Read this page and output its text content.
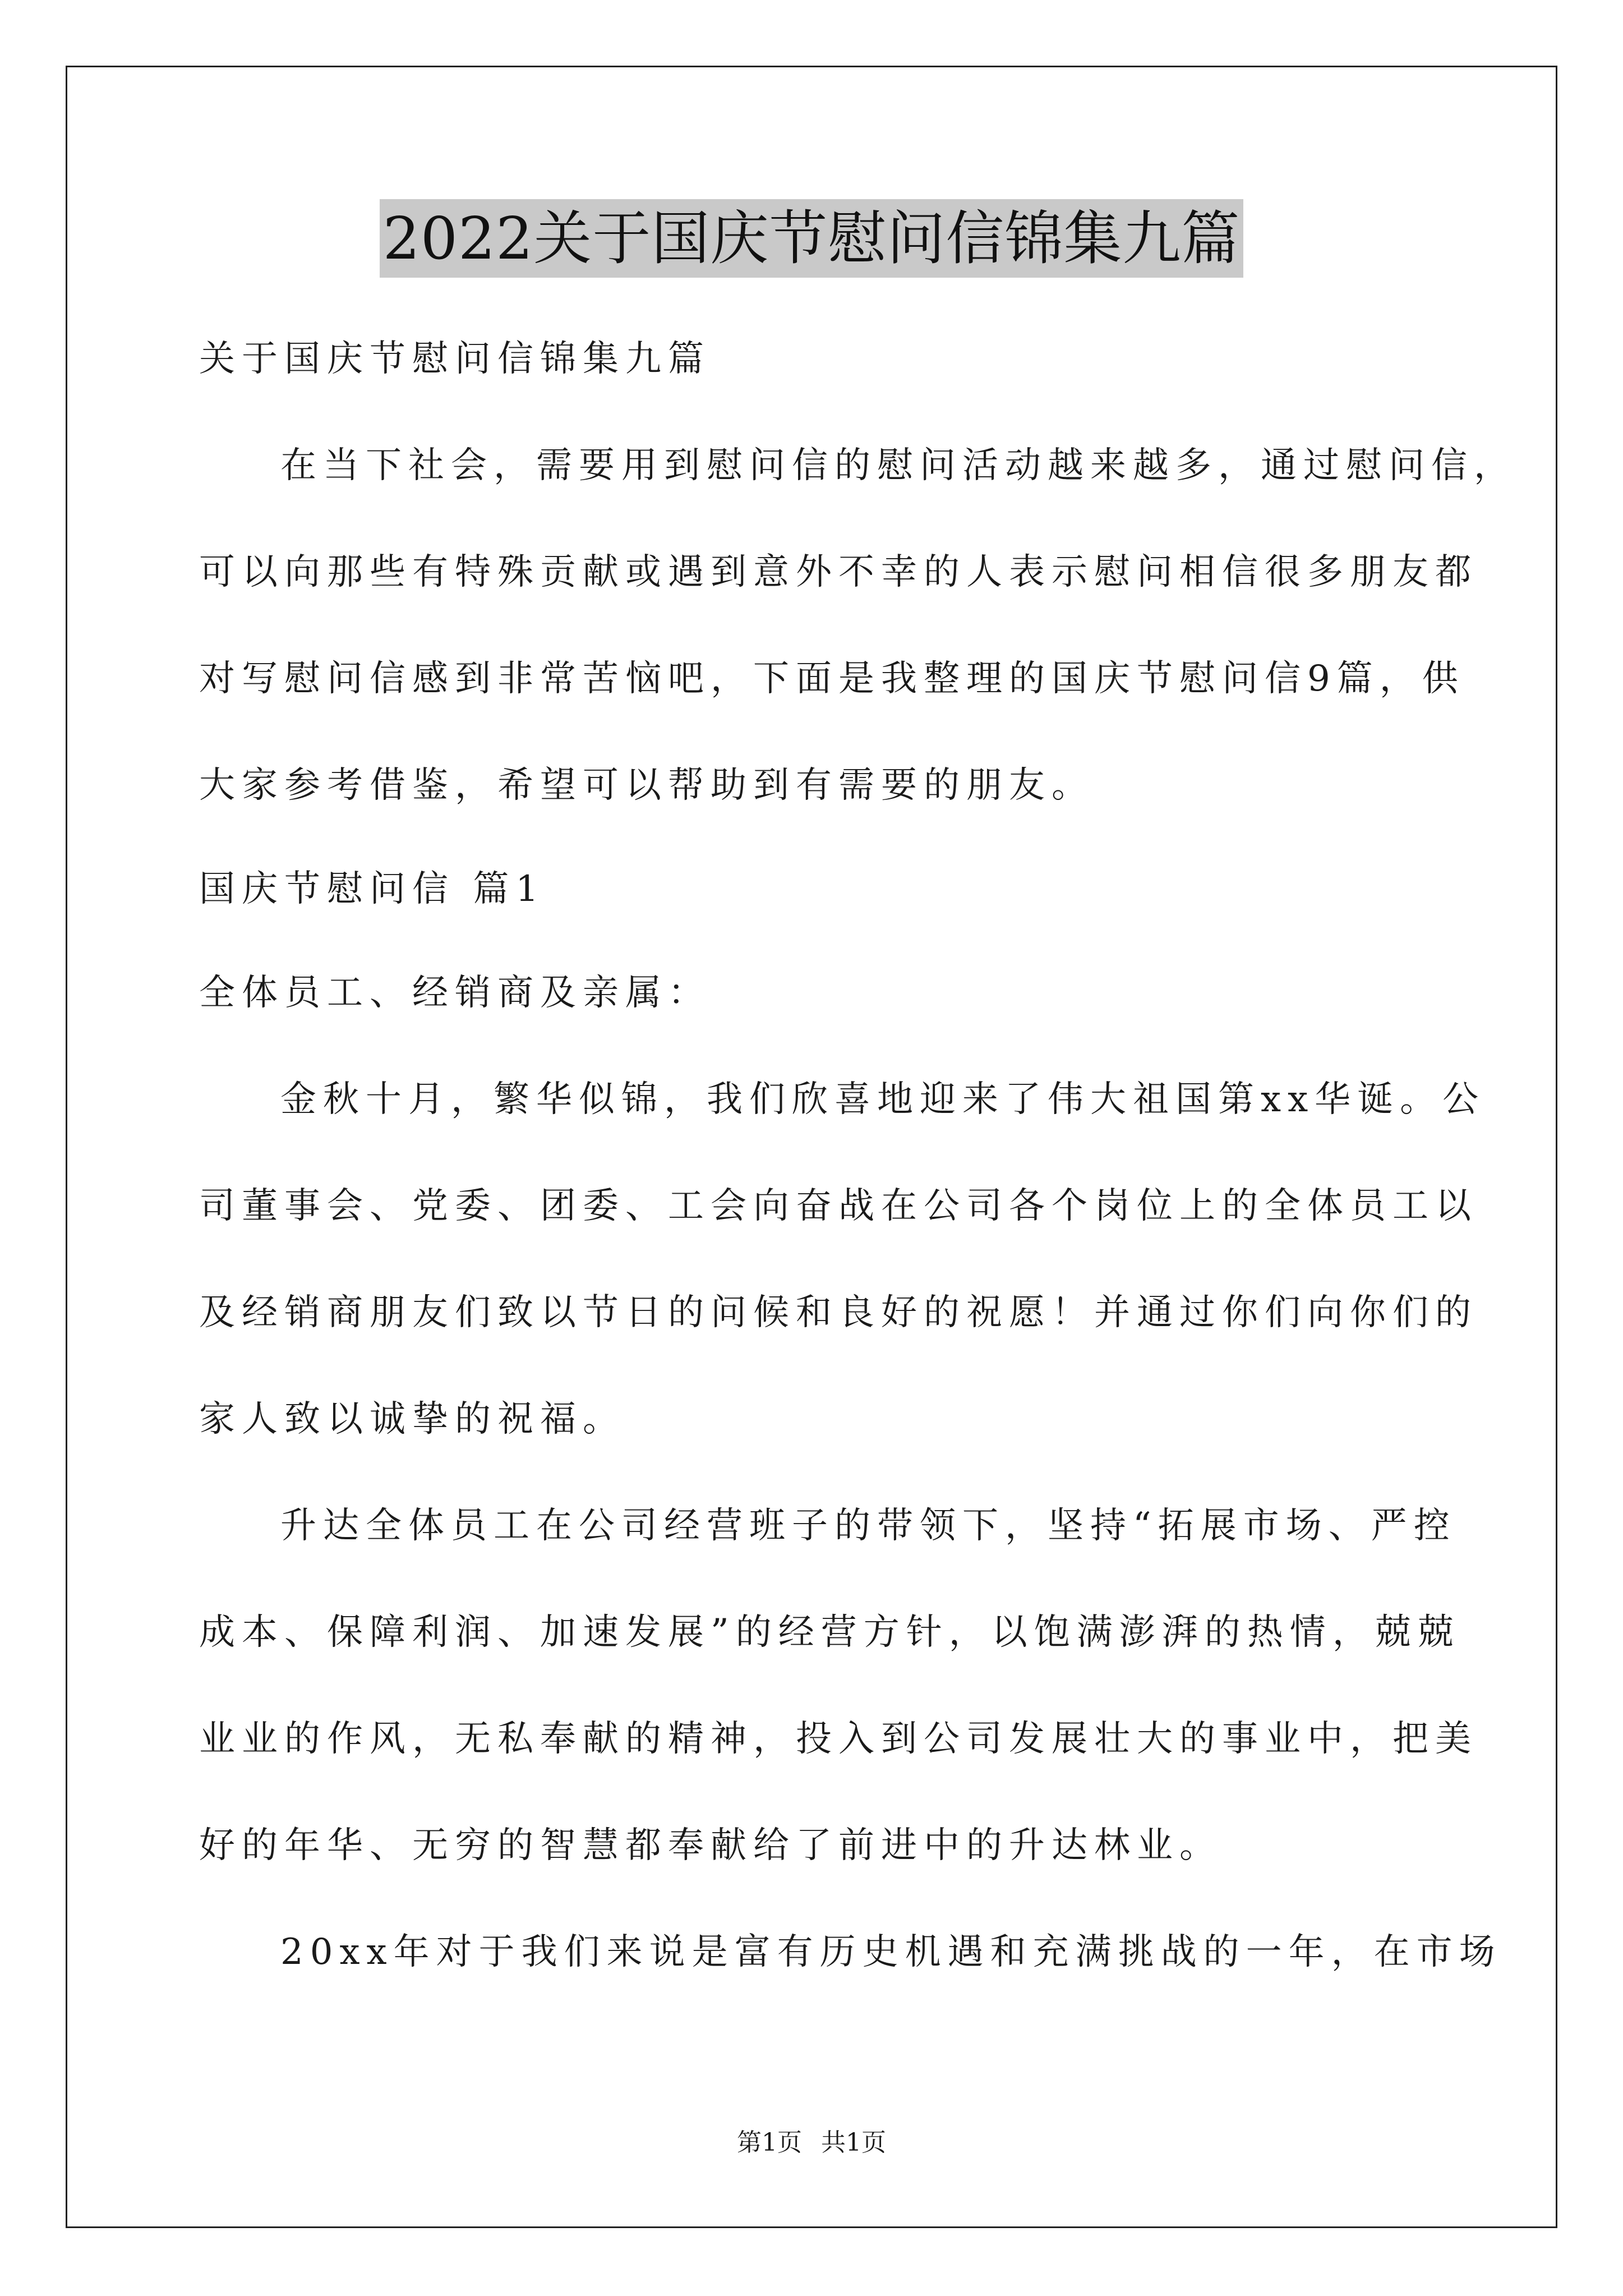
2022关于国庆节慰问信锦集九篇
关于国庆节慰问信锦集九篇
在当下社会，需要用到慰问信的慰问活动越来越多，通过慰问信，
可以向那些有特殊贡献或遇到意外不幸的人表示慰问相信很多朋友都
对写慰问信感到非常苦恼吧，下面是我整理的国庆节慰问信9篇，供
大家参考借鉴，希望可以帮助到有需要的朋友。
国庆节慰问信 篇1
全体员工、经销商及亲属：
金秋十月，繁华似锦，我们欣喜地迎来了伟大祖国第xx华诞。公
司董事会、党委、团委、工会向奋战在公司各个岗位上的全体员工以
及经销商朋友们致以节日的问候和良好的祝愿！并通过你们向你们的
家人致以诚挚的祝福。
升达全体员工在公司经营班子的带领下，坚持“拓展市场、严控
成本、保障利润、加速发展”的经营方针，以饱满澎湃的热情，兢兢
业业的作风，无私奉献的精神，投入到公司发展壮大的事业中，把美
好的年华、无穷的智慧都奉献给了前进中的升达林业。
20xx年对于我们来说是富有历史机遇和充满挑战的一年，在市场
第1页 共1页
